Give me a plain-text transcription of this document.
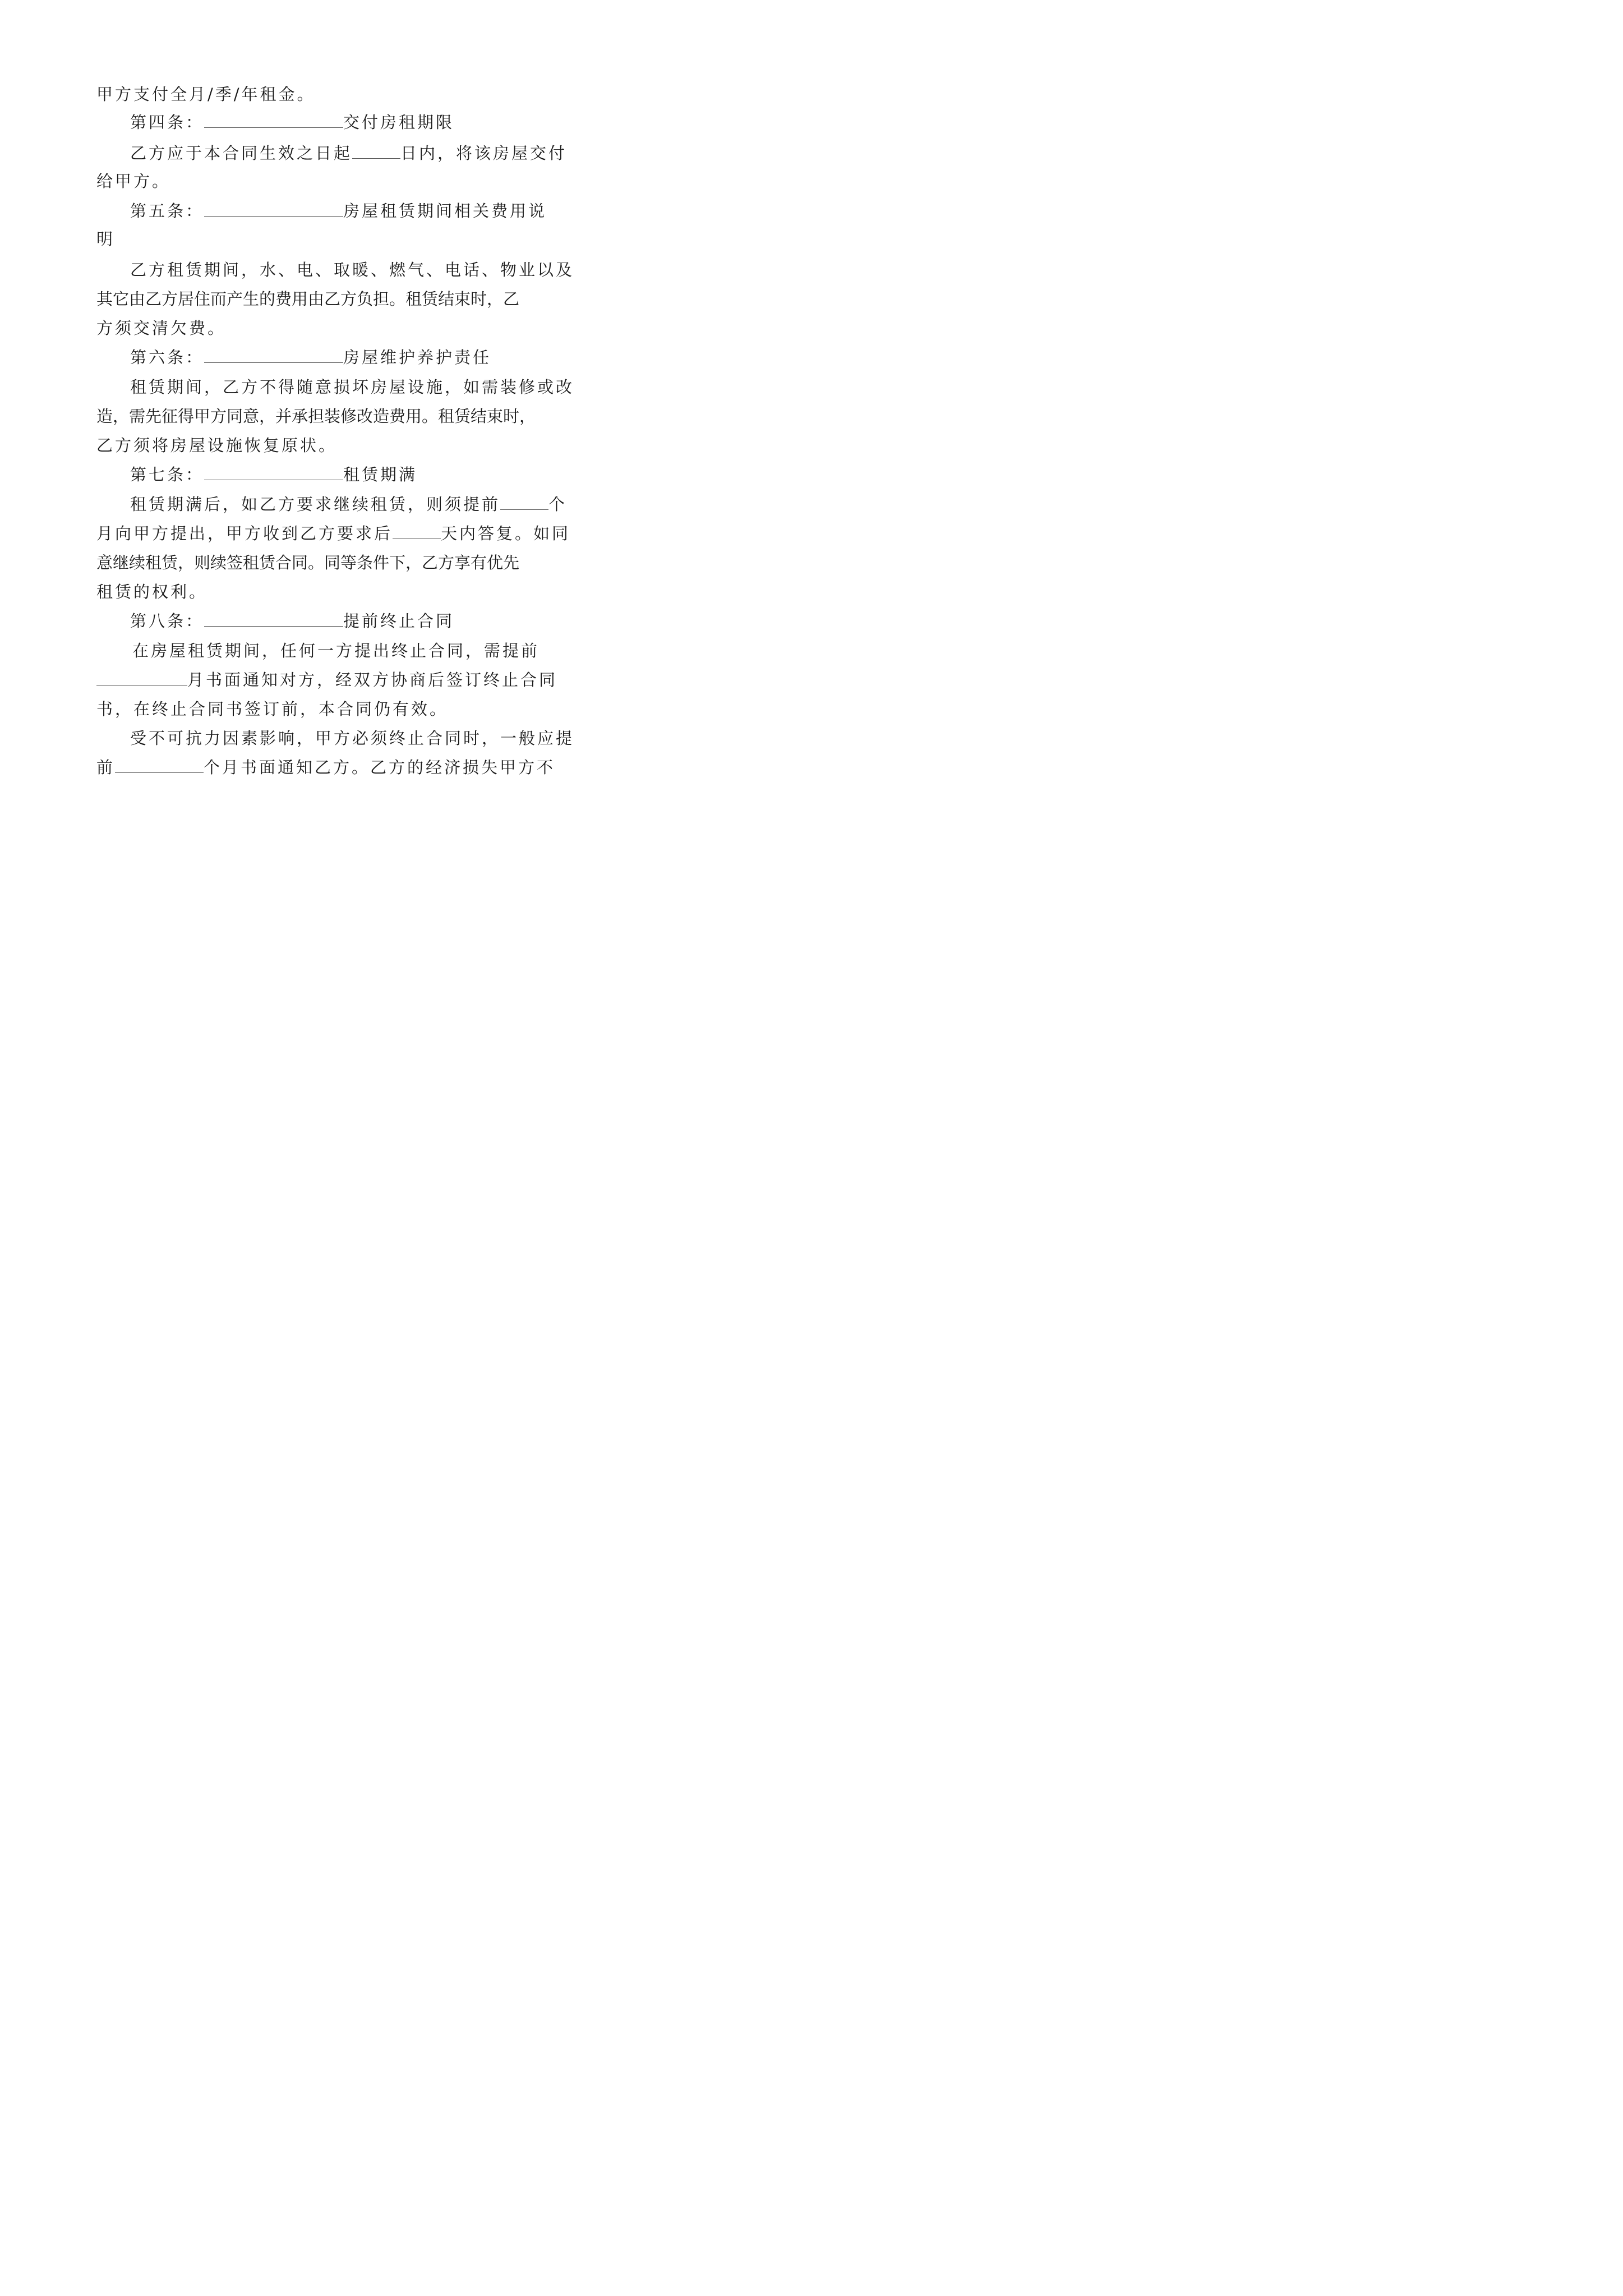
甲方支付全月/季/年租金。
第四条：	交付房租期限
乙方应于本合同生效之日起	日内，将该房屋交付
给甲方。
第五条：	房屋租赁期间相关费用说
明
乙方租赁期间，水、电、取暖、燃气、电话、物业以及
其它由乙方居住而产生的费用由乙方负担。租赁结束时，乙
方须交清欠费。
第六条：	房屋维护养护责任
租赁期间，乙方不得随意损坏房屋设施，如需装修或改
造，需先征得甲方同意，并承担装修改造费用。租赁结束时，
乙方须将房屋设施恢复原状。
第七条：	租赁期满
租赁期满后，如乙方要求继续租赁，则须提前	个
月向甲方提出，甲方收到乙方要求后	天内答复。如同
意继续租赁，则续签租赁合同。同等条件下，乙方享有优先
租赁的权利。
第八条：	提前终止合同
在房屋租赁期间，任何一方提出终止合同，需提前
月书面通知对方，经双方协商后签订终止合同
书，在终止合同书签订前，本合同仍有效。
受不可抗力因素影响，甲方必须终止合同时，一般应提
前	个月书面通知乙方。乙方的经济损失甲方不
